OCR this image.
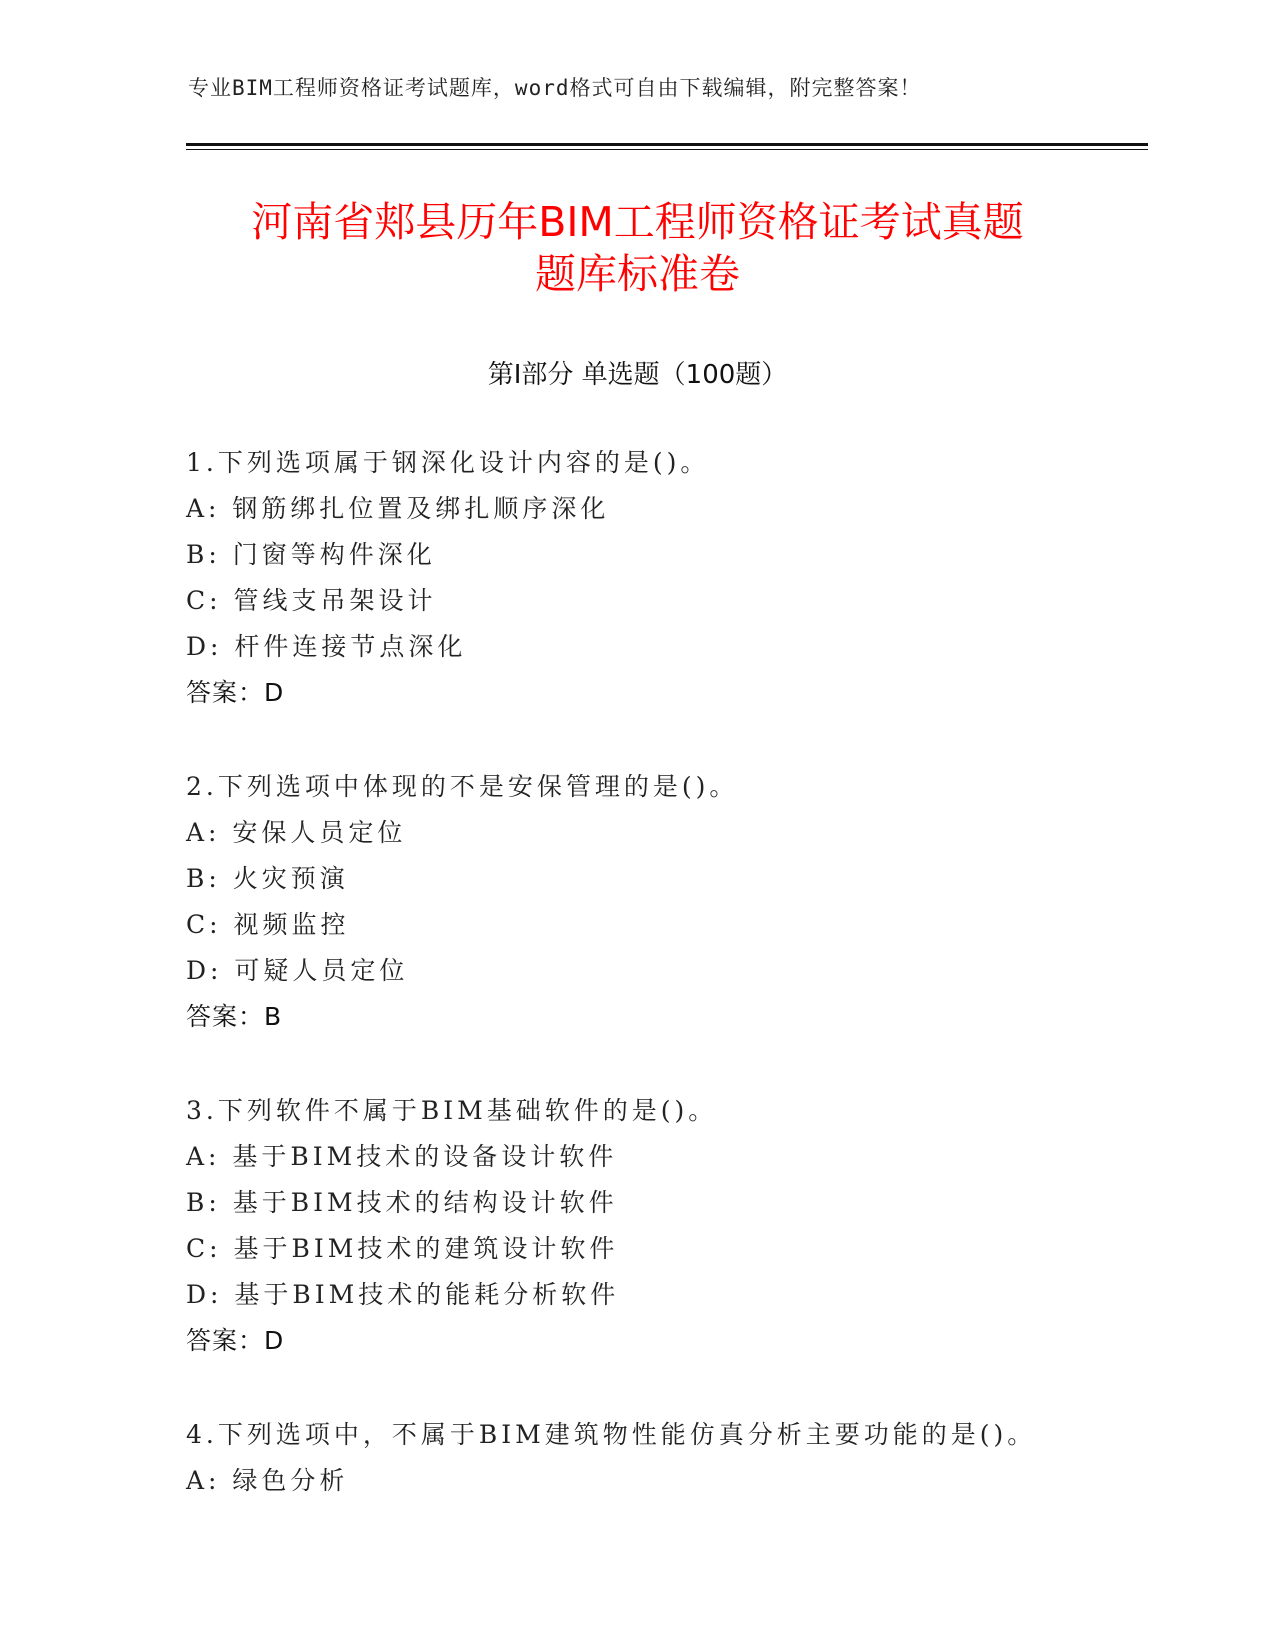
专业BIM工程师资格证考试题库，word格式可自由下载编辑，附完整答案！
河南省郏县历年BIM工程师资格证考试真题
题库标准卷
第Ⅰ部分 单选题（100题）
1.下列选项属于钢深化设计内容的是()。
A: 钢筋绑扎位置及绑扎顺序深化
B: 门窗等构件深化
C: 管线支吊架设计
D: 杆件连接节点深化
答案：D
2.下列选项中体现的不是安保管理的是()。
A: 安保人员定位
B: 火灾预演
C: 视频监控
D: 可疑人员定位
答案：B
3.下列软件不属于BIM基础软件的是()。
A: 基于BIM技术的设备设计软件
B: 基于BIM技术的结构设计软件
C: 基于BIM技术的建筑设计软件
D: 基于BIM技术的能耗分析软件
答案：D
4.下列选项中，不属于BIM建筑物性能仿真分析主要功能的是()。
A: 绿色分析
